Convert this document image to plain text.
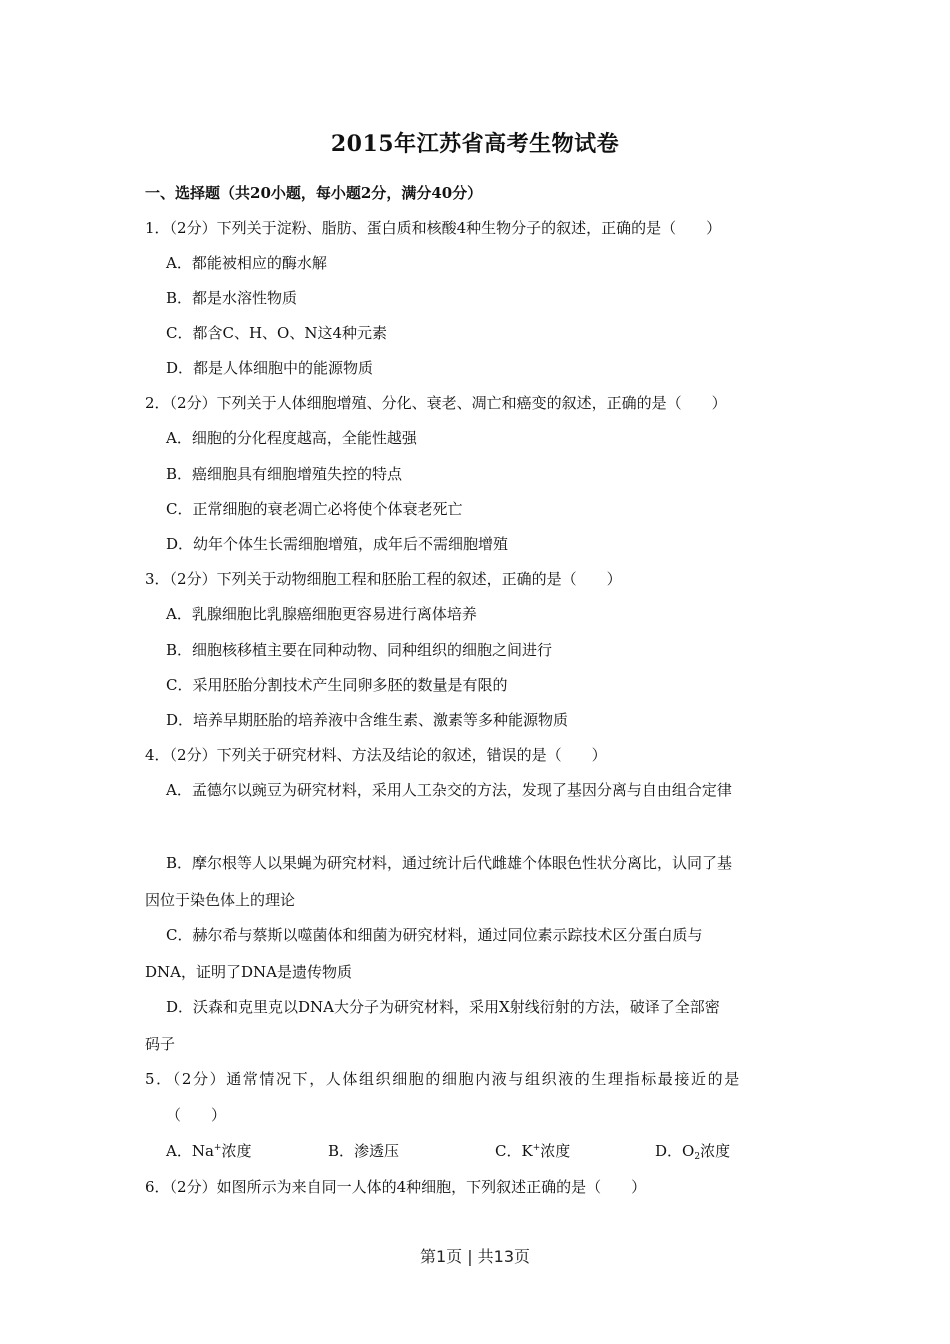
2015年江苏省高考生物试卷
一、选择题（共20小题，每小题2分，满分40分）
1．（2分）下列关于淀粉、脂肪、蛋白质和核酸4种生物分子的叙述，正确的是（　　）
A．都能被相应的酶水解
B．都是水溶性物质
C．都含C、H、O、N这4种元素
D．都是人体细胞中的能源物质
2．（2分）下列关于人体细胞增殖、分化、衰老、凋亡和癌变的叙述，正确的是（　　）
A．细胞的分化程度越高，全能性越强
B．癌细胞具有细胞增殖失控的特点
C．正常细胞的衰老凋亡必将使个体衰老死亡
D．幼年个体生长需细胞增殖，成年后不需细胞增殖
3．（2分）下列关于动物细胞工程和胚胎工程的叙述，正确的是（　　）
A．乳腺细胞比乳腺癌细胞更容易进行离体培养
B．细胞核移植主要在同种动物、同种组织的细胞之间进行
C．采用胚胎分割技术产生同卵多胚的数量是有限的
D．培养早期胚胎的培养液中含维生素、激素等多种能源物质
4．（2分）下列关于研究材料、方法及结论的叙述，错误的是（　　）
A．孟德尔以豌豆为研究材料，采用人工杂交的方法，发现了基因分离与自由组合定律
B．摩尔根等人以果蝇为研究材料，通过统计后代雌雄个体眼色性状分离比，认同了基
因位于染色体上的理论
C．赫尔希与蔡斯以噬菌体和细菌为研究材料，通过同位素示踪技术区分蛋白质与
DNA，证明了DNA是遗传物质
D．沃森和克里克以DNA大分子为研究材料，采用X射线衍射的方法，破译了全部密
码子
5．（2分）通常情况下，人体组织细胞的细胞内液与组织液的生理指标最接近的是
（　　）
A．Na+浓度	B．渗透压	C．K+浓度	D．$O_2$浓度
6．（2分）如图所示为来自同一人体的4种细胞，下列叙述正确的是（　　）
第1页 | 共13页
